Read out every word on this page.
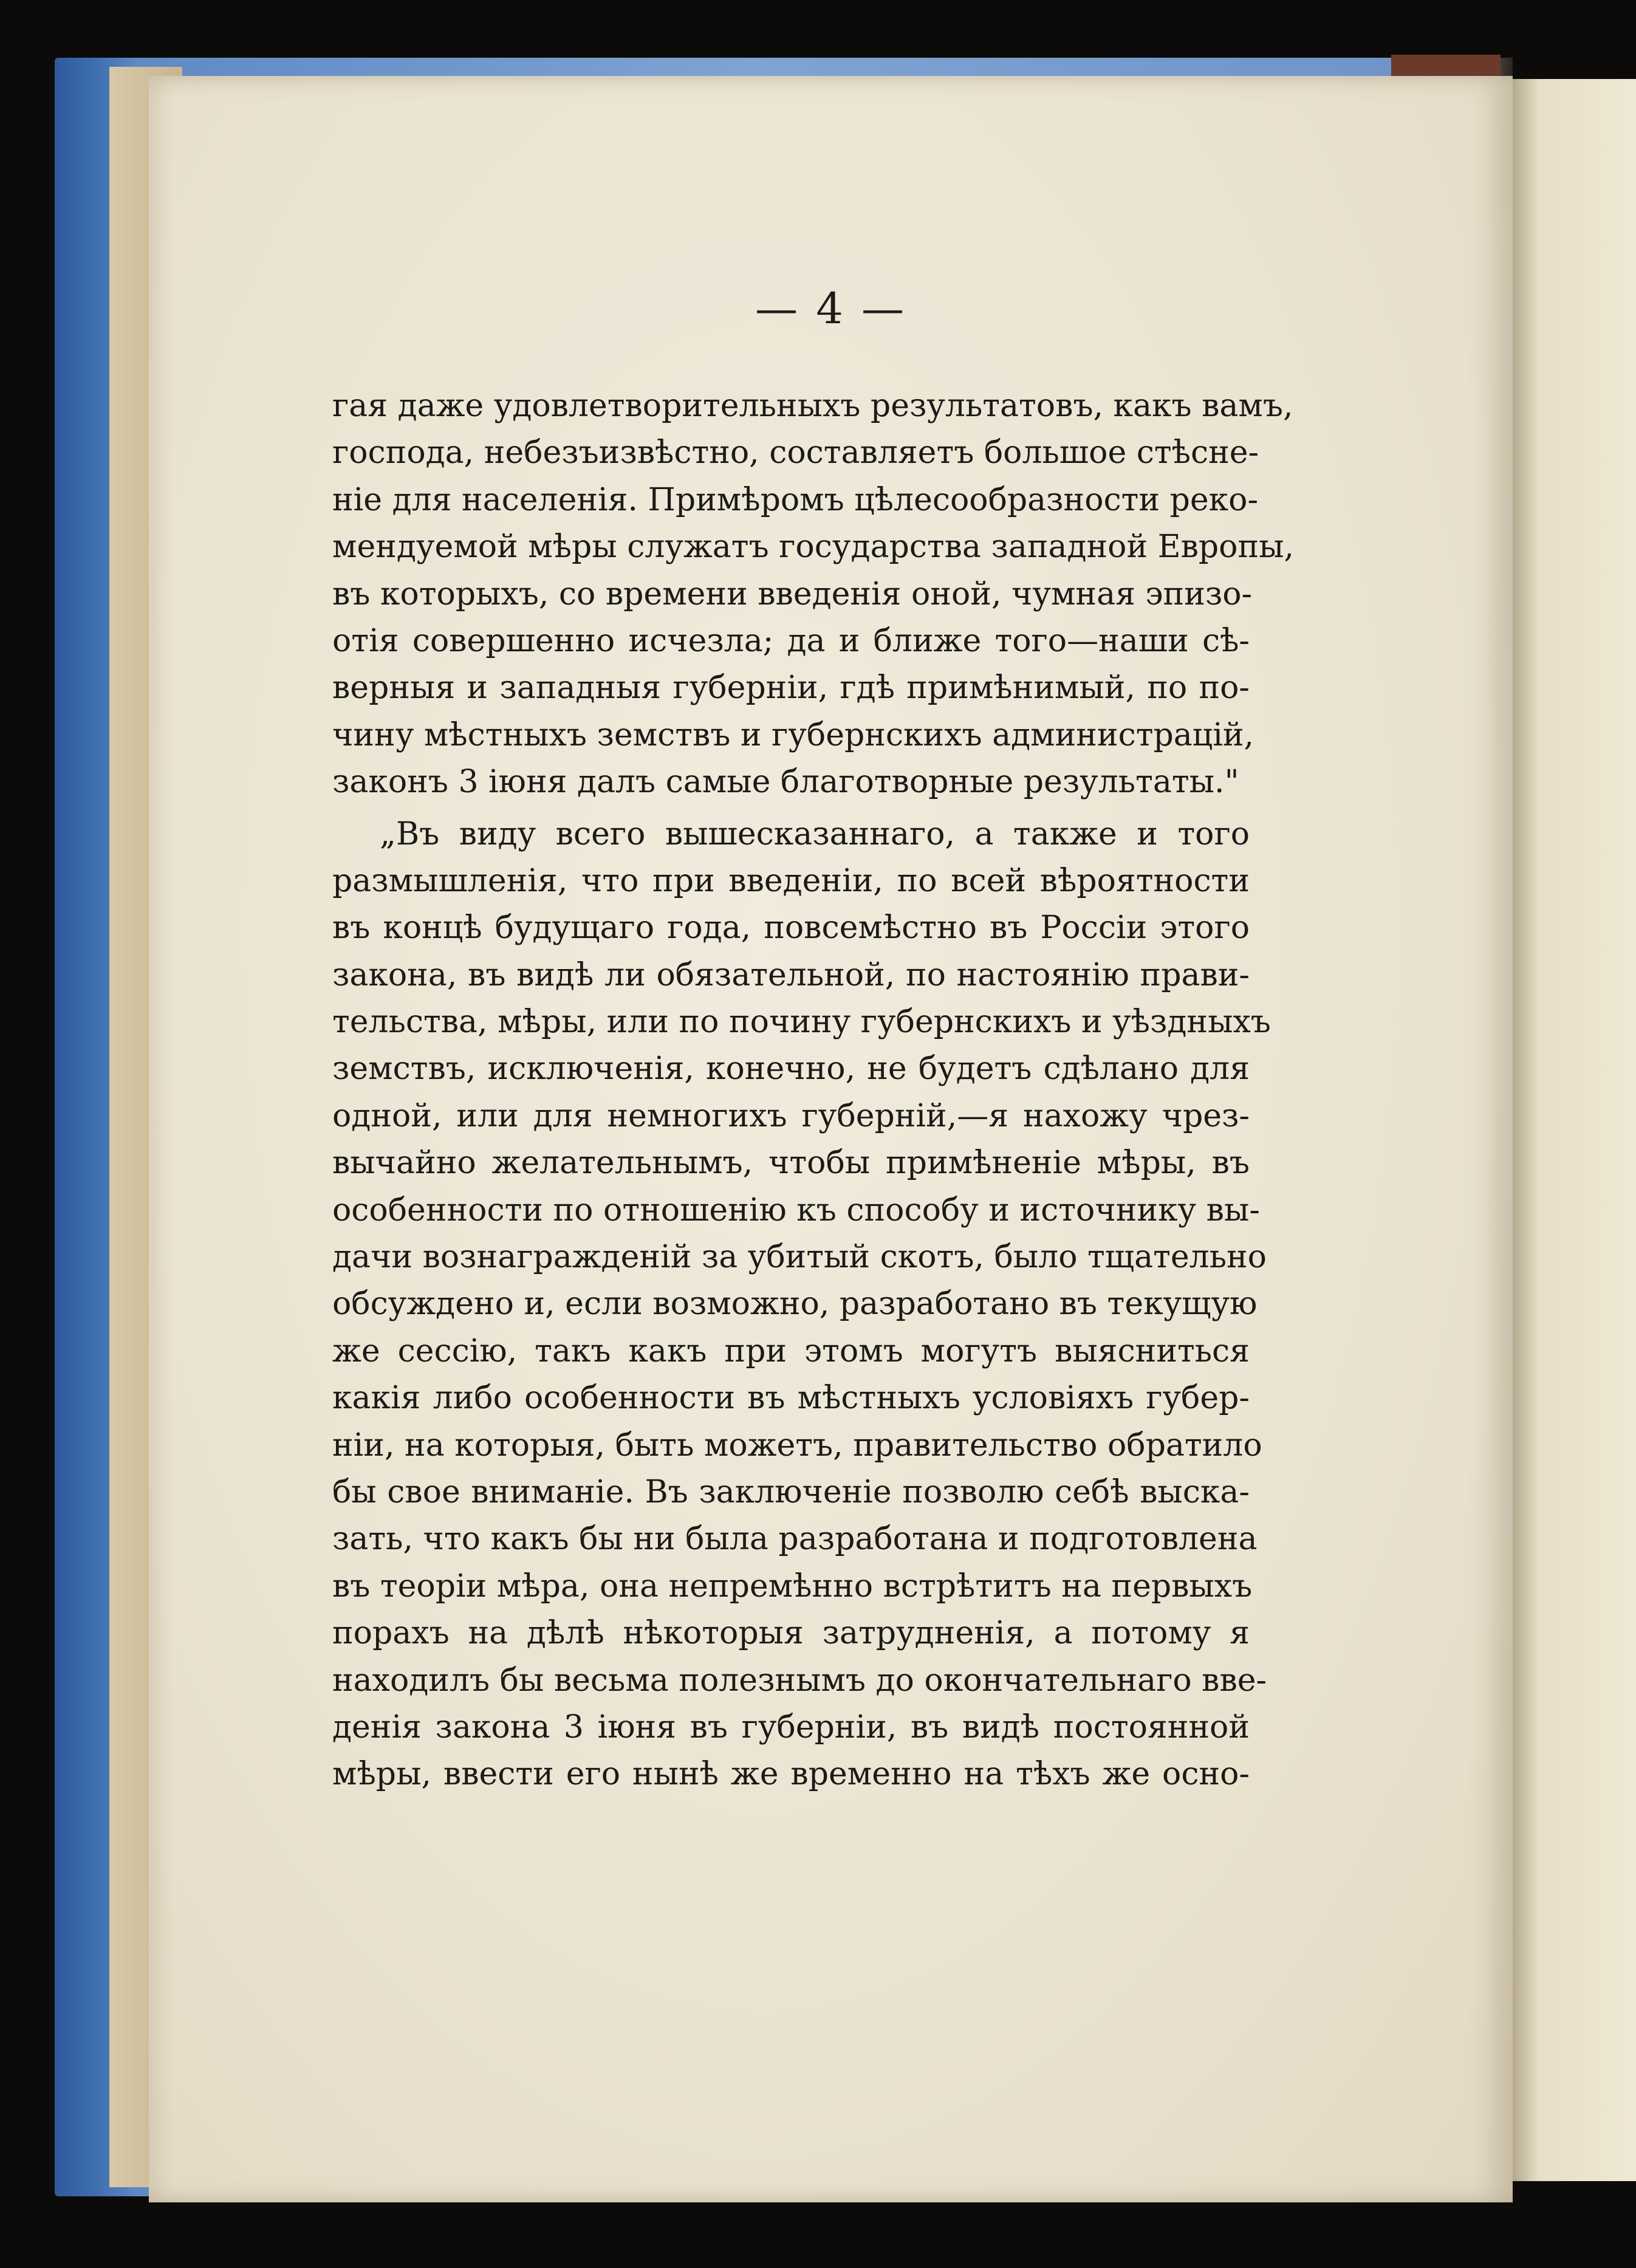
— 4 —
гая даже удовлетворительныхъ результатовъ, какъ вамъ,
господа, небезъизвѣстно, составляетъ большое стѣсне-
ніе для населенія. Примѣромъ цѣлесообразности реко-
мендуемой мѣры служатъ государства западной Европы,
въ которыхъ, со времени введенія оной, чумная эпизо-
отія совершенно исчезла; да и ближе того—наши сѣ-
верныя и западныя губерніи, гдѣ примѣнимый, по по-
чину мѣстныхъ земствъ и губернскихъ администрацій,
законъ 3 іюня далъ самые благотворные результаты."
„Въ виду всего вышесказаннаго, а также и того
размышленія, что при введеніи, по всей вѣроятности
въ концѣ будущаго года, повсемѣстно въ Россіи этого
закона, въ видѣ ли обязательной, по настоянію прави-
тельства, мѣры, или по почину губернскихъ и уѣздныхъ
земствъ, исключенія, конечно, не будетъ сдѣлано для
одной, или для немногихъ губерній,—я нахожу чрез-
вычайно желательнымъ, чтобы примѣненіе мѣры, въ
особенности по отношенію къ способу и источнику вы-
дачи вознагражденій за убитый скотъ, было тщательно
обсуждено и, если возможно, разработано въ текущую
же сессію, такъ какъ при этомъ могутъ выясниться
какія либо особенности въ мѣстныхъ условіяхъ губер-
ніи, на которыя, быть можетъ, правительство обратило
бы свое вниманіе. Въ заключеніе позволю себѣ выска-
зать, что какъ бы ни была разработана и подготовлена
въ теоріи мѣра, она непремѣнно встрѣтитъ на первыхъ
порахъ на дѣлѣ нѣкоторыя затрудненія, а потому я
находилъ бы весьма полезнымъ до окончательнаго вве-
денія закона 3 іюня въ губерніи, въ видѣ постоянной
мѣры, ввести его нынѣ же временно на тѣхъ же осно-
